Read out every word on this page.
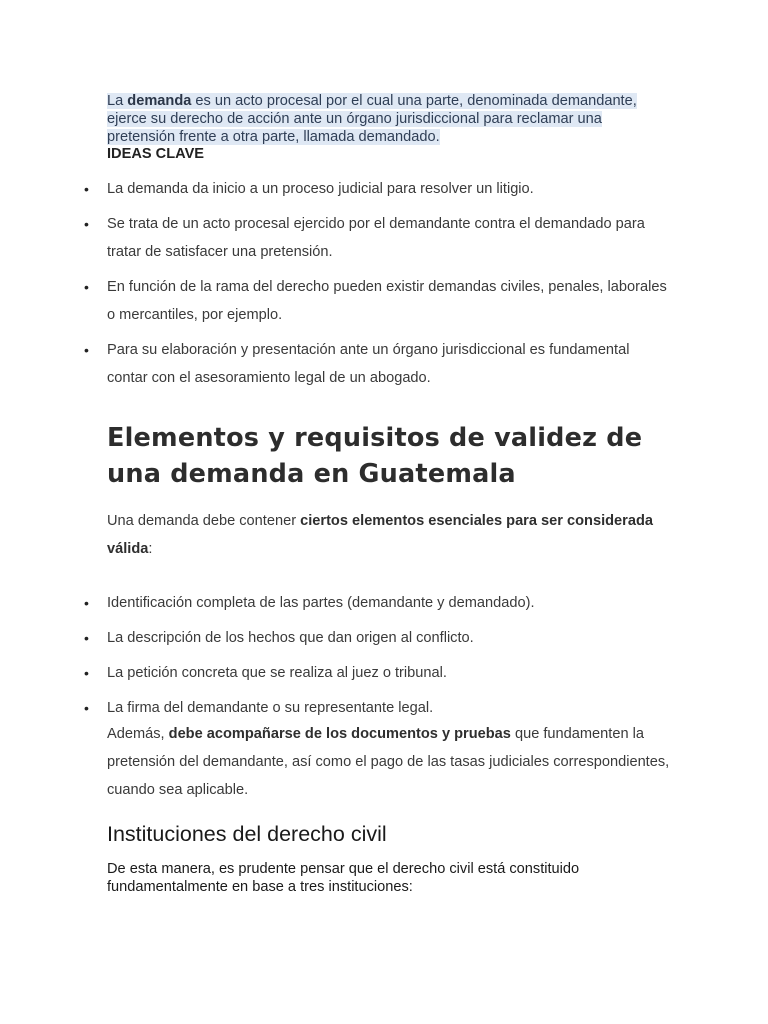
La demanda es un acto procesal por el cual una parte, denominada demandante, ejerce su derecho de acción ante un órgano jurisdiccional para reclamar una pretensión frente a otra parte, llamada demandado.
IDEAS CLAVE
• La demanda da inicio a un proceso judicial para resolver un litigio.
• Se trata de un acto procesal ejercido por el demandante contra el demandado para tratar de satisfacer una pretensión.
• En función de la rama del derecho pueden existir demandas civiles, penales, laborales o mercantiles, por ejemplo.
• Para su elaboración y presentación ante un órgano jurisdiccional es fundamental contar con el asesoramiento legal de un abogado.
Elementos y requisitos de validez de una demanda en Guatemala
Una demanda debe contener ciertos elementos esenciales para ser considerada válida:
• Identificación completa de las partes (demandante y demandado).
• La descripción de los hechos que dan origen al conflicto.
• La petición concreta que se realiza al juez o tribunal.
• La firma del demandante o su representante legal.
Además, debe acompañarse de los documentos y pruebas que fundamenten la pretensión del demandante, así como el pago de las tasas judiciales correspondientes, cuando sea aplicable.
Instituciones del derecho civil
De esta manera, es prudente pensar que el derecho civil está constituido fundamentalmente en base a tres instituciones:
